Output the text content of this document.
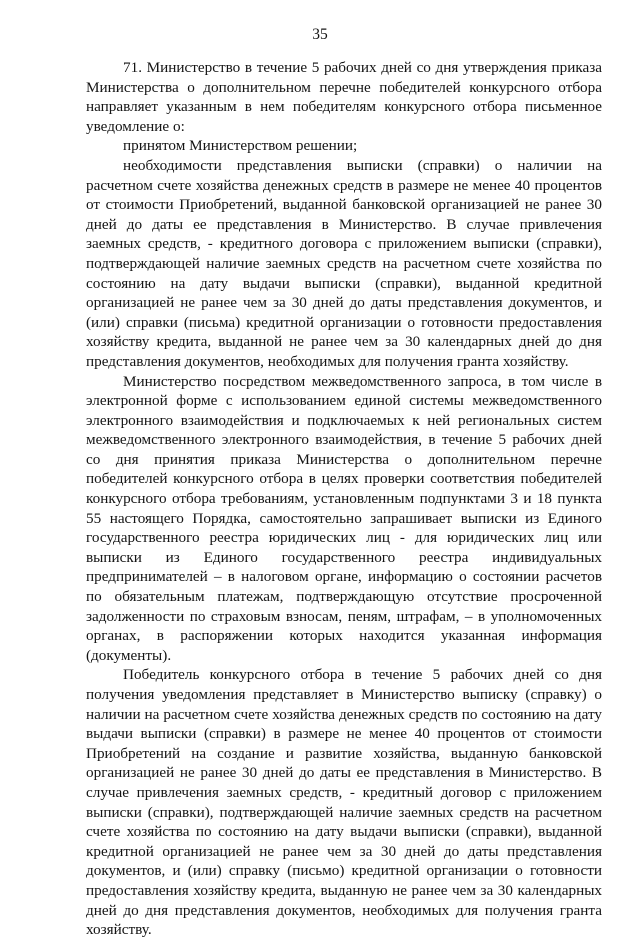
35

71. Министерство в течение 5 рабочих дней со дня утверждения приказа Министерства о дополнительном перечне победителей конкурсного отбора направляет указанным в нем победителям конкурсного отбора письменное уведомление о:

принятом Министерством решении;

необходимости представления выписки (справки) о наличии на расчетном счете хозяйства денежных средств в размере не менее 40 процентов от стоимости Приобретений, выданной банковской организацией не ранее 30 дней до даты ее представления в Министерство. В случае привлечения заемных средств, - кредитного договора с приложением выписки (справки), подтверждающей наличие заемных средств на расчетном счете хозяйства по состоянию на дату выдачи выписки (справки), выданной кредитной организацией не ранее чем за 30 дней до даты представления документов, и (или) справки (письма) кредитной организации о готовности предоставления хозяйству кредита, выданной не ранее чем за 30 календарных дней до дня представления документов, необходимых для получения гранта хозяйству.

Министерство посредством межведомственного запроса, в том числе в электронной форме с использованием единой системы межведомственного электронного взаимодействия и подключаемых к ней региональных систем межведомственного электронного взаимодействия, в течение 5 рабочих дней со дня принятия приказа Министерства о дополнительном перечне победителей конкурсного отбора в целях проверки соответствия победителей конкурсного отбора требованиям, установленным подпунктами 3 и 18 пункта 55 настоящего Порядка, самостоятельно запрашивает выписки из Единого государственного реестра юридических лиц - для юридических лиц или выписки из Единого государственного реестра индивидуальных предпринимателей – в налоговом органе, информацию о состоянии расчетов по обязательным платежам, подтверждающую отсутствие просроченной задолженности по страховым взносам, пеням, штрафам, – в уполномоченных органах, в распоряжении которых находится указанная информация (документы).

Победитель конкурсного отбора в течение 5 рабочих дней со дня получения уведомления представляет в Министерство выписку (справку) о наличии на расчетном счете хозяйства денежных средств по состоянию на дату выдачи выписки (справки) в размере не менее 40 процентов от стоимости Приобретений на создание и развитие хозяйства, выданную банковской организацией не ранее 30 дней до даты ее представления в Министерство. В случае привлечения заемных средств, - кредитный договор с приложением выписки (справки), подтверждающей наличие заемных средств на расчетном счете хозяйства по состоянию на дату выдачи выписки (справки), выданной кредитной организацией не ранее чем за 30 дней до даты представления документов, и (или) справку (письмо) кредитной организации о готовности предоставления хозяйству кредита, выданную не ранее чем за 30 календарных дней до дня представления документов, необходимых для получения гранта хозяйству.
